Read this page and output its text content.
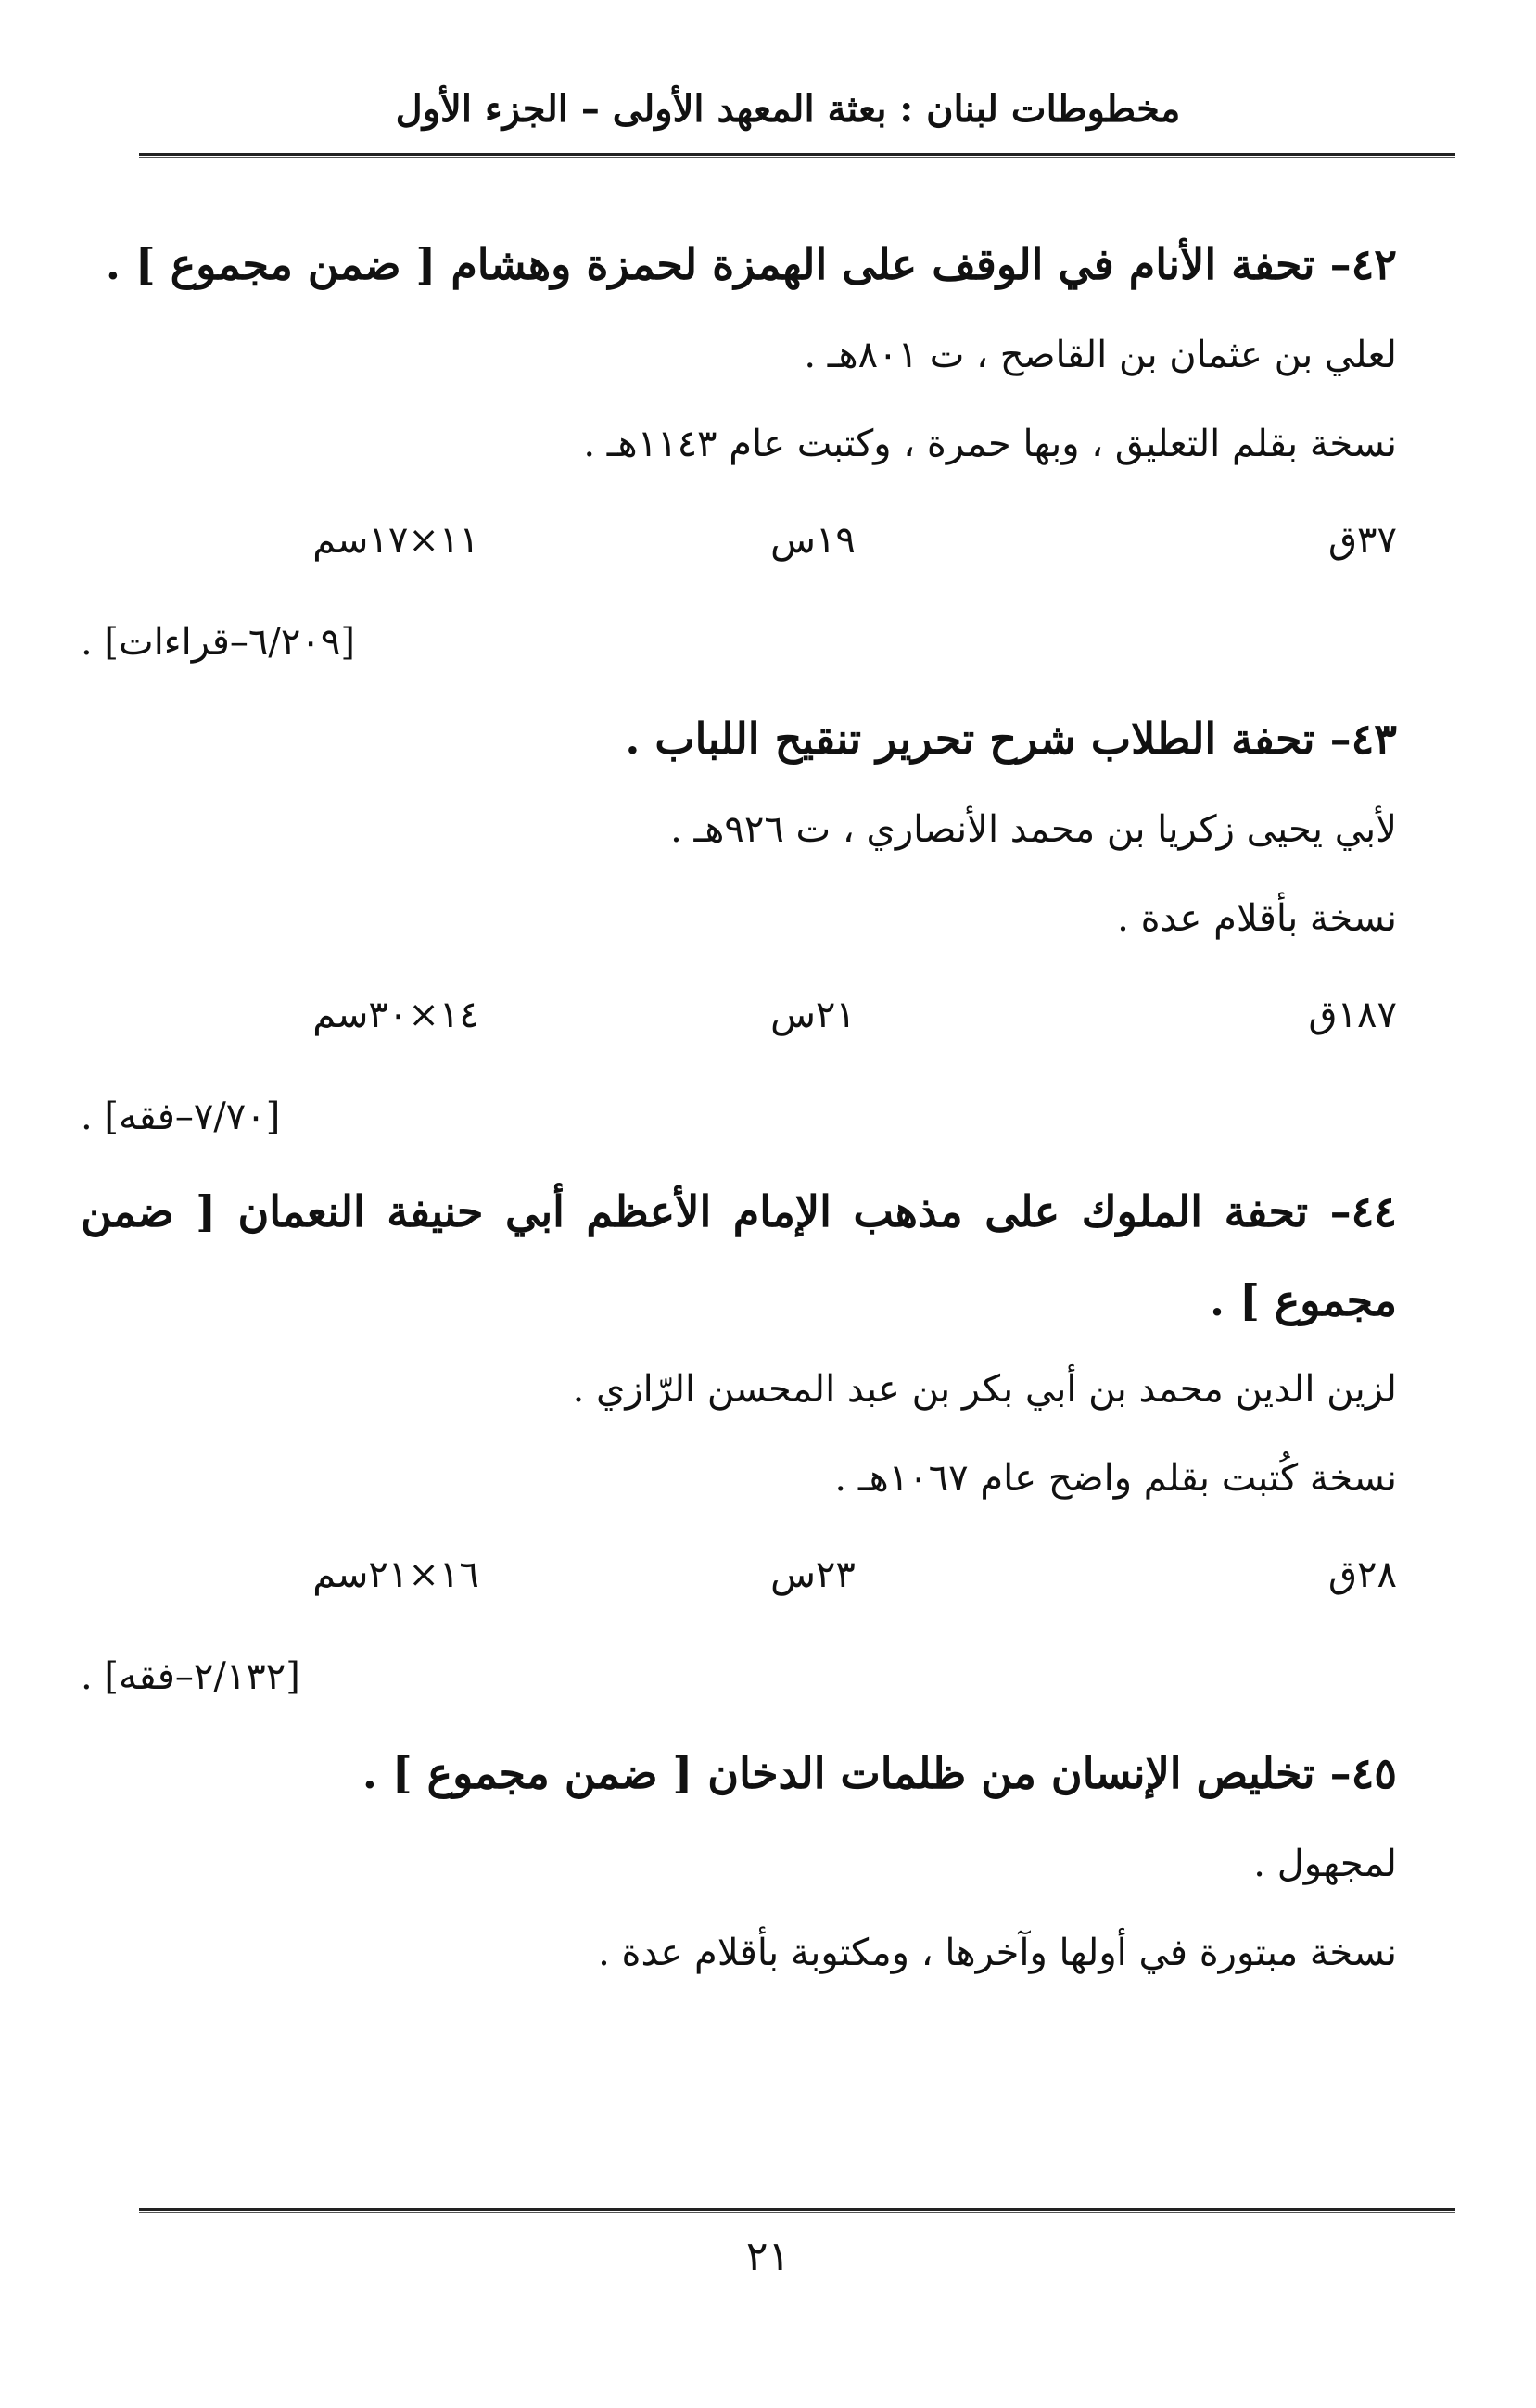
مخطوطات لبنان : بعثة المعهد الأولى – الجزء الأول

٤٢– تحفة الأنام في الوقف على الهمزة لحمزة وهشام [ ضمن مجموع ] .

لعلي بن عثمان بن القاصح ، ت ٨٠١هـ .

نسخة بقلم التعليق ، وبها حمرة ، وكتبت عام ١١٤٣هـ .

٣٧ق
١٩س
١١×١٧سم

[٦/٢٠٩–قراءات] .

٤٣– تحفة الطلاب شرح تحرير تنقيح اللباب .

لأبي يحيى زكريا بن محمد الأنصاري ، ت ٩٢٦هـ .

نسخة بأقلام عدة .

١٨٧ق
٢١س
١٤×٣٠سم

[٧/٧٠–فقه] .

٤٤– تحفة الملوك على مذهب الإمام الأعظم أبي حنيفة النعمان [ ضمن مجموع ] .

لزين الدين محمد بن أبي بكر بن عبد المحسن الرّازي .

نسخة كُتبت بقلم واضح عام ١٠٦٧هـ .

٢٨ق
٢٣س
١٦×٢١سم

[٢/١٣٢–فقه] .

٤٥– تخليص الإنسان من ظلمات الدخان [ ضمن مجموع ] .

لمجهول .

نسخة مبتورة في أولها وآخرها ، ومكتوبة بأقلام عدة .

٢١
